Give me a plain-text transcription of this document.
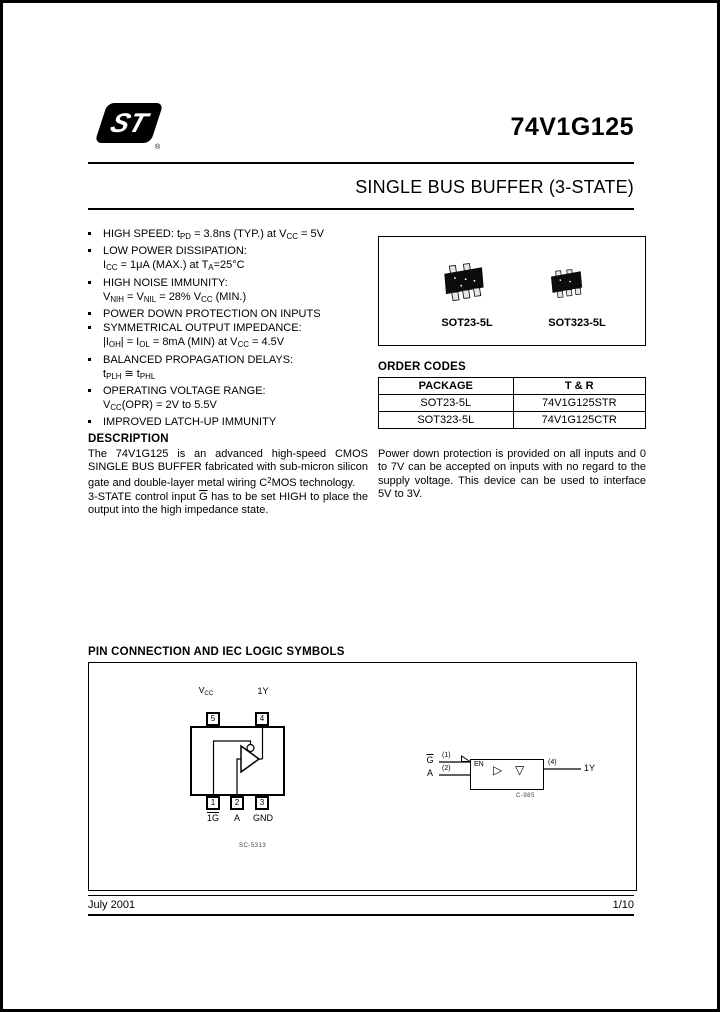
ST
®
74V1G125
SINGLE BUS BUFFER (3-STATE)
HIGH SPEED: $t_{PD} = 3.8ns$ (TYP.) at $V_{CC} = 5V$
LOW POWER DISSIPATION:
$I_{CC} = 1\mu A$ (MAX.) at $T_A=25^\circ C$
HIGH NOISE IMMUNITY:
$V_{NIH} = V_{NIL} = 28\%$ $V_{CC}$ (MIN.)
POWER DOWN PROTECTION ON INPUTS
SYMMETRICAL OUTPUT IMPEDANCE:
$|I_{OH}| = I_{OL} = 8mA$ (MIN) at $V_{CC} = 4.5V$
BALANCED PROPAGATION DELAYS:
$t_{PLH}$ ≅ $t_{PHL}$
OPERATING VOLTAGE RANGE:
$V_{CC}(OPR) = 2V$ to 5.5V
IMPROVED LATCH-UP IMMUNITY
DESCRIPTION

The 74V1G125 is an advanced high-speed CMOS SINGLE BUS BUFFER fabricated with sub-micron silicon gate and double-layer metal wiring $C^2MOS$ technology.

3-STATE control input $\overline{G}$ has to be set HIGH to place the output into the high impedance state.

SOT23-5L	SOT323-5L
ORDER CODES
PACKAGE	T & R
SOT23-5L	74V1G125STR
SOT323-5L	74V1G125CTR
Power down protection is provided on all inputs and 0 to 7V can be accepted on inputs with no regard to the supply voltage. This device can be used to interface 5V to 3V.
PIN CONNECTION AND IEC LOGIC SYMBOLS
$V_{CC}$	1Y
5	4
1	2	3
1G	A	GND
SC-5313
$\overline{G}$
A
(1)
(2)
EN ▷ ▽
(4)
1Y
C-985
July 2001	1/10
